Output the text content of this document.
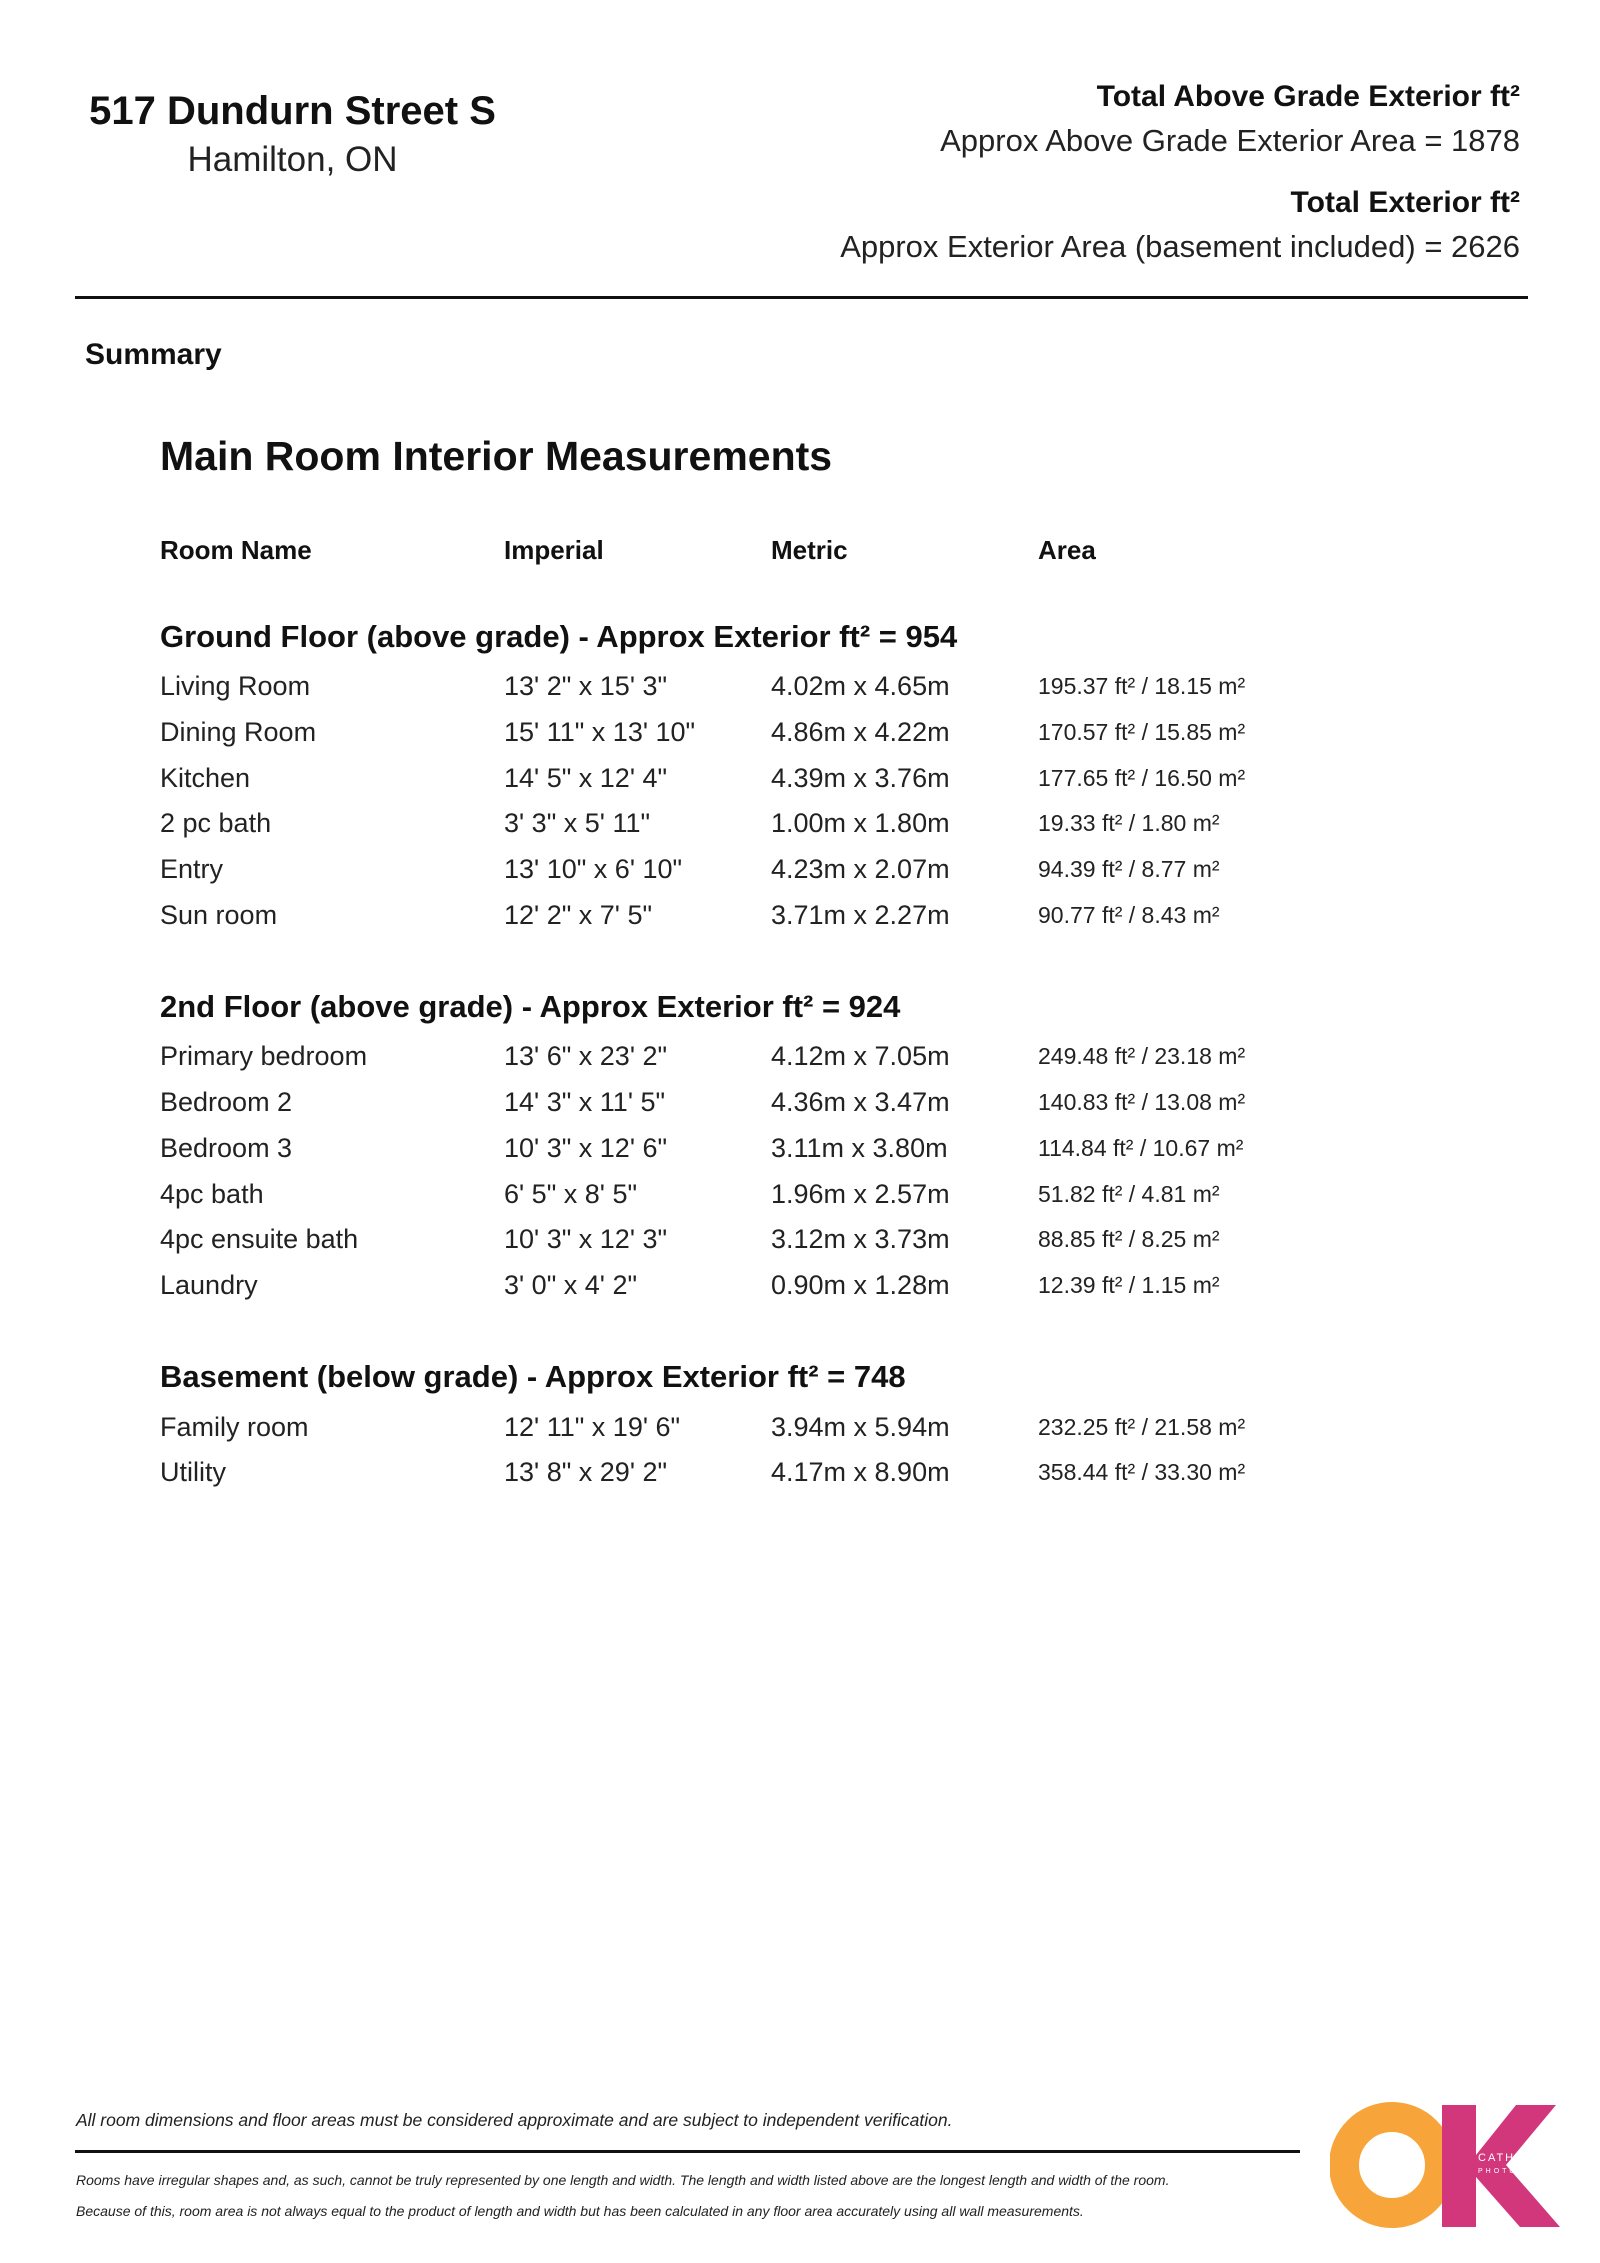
517 Dundurn Street S
Hamilton, ON
Total Above Grade Exterior ft²
Approx Above Grade Exterior Area = 1878
Total Exterior ft²
Approx Exterior Area (basement included) = 2626
Summary
Main Room Interior Measurements
Room Name	Imperial	Metric	Area
Ground Floor (above grade) - Approx Exterior ft² = 954
Living Room	13' 2" x 15' 3"	4.02m x 4.65m	195.37 ft² / 18.15 m²
Dining Room	15' 11" x 13' 10"	4.86m x 4.22m	170.57 ft² / 15.85 m²
Kitchen	14' 5" x 12' 4"	4.39m x 3.76m	177.65 ft² / 16.50 m²
2 pc bath	3' 3" x 5' 11"	1.00m x 1.80m	19.33 ft² / 1.80 m²
Entry	13' 10" x 6' 10"	4.23m x 2.07m	94.39 ft² / 8.77 m²
Sun room	12' 2" x 7' 5"	3.71m x 2.27m	90.77 ft² / 8.43 m²
2nd Floor (above grade) - Approx Exterior ft² = 924
Primary bedroom	13' 6" x 23' 2"	4.12m x 7.05m	249.48 ft² / 23.18 m²
Bedroom 2	14' 3" x 11' 5"	4.36m x 3.47m	140.83 ft² / 13.08 m²
Bedroom 3	10' 3" x 12' 6"	3.11m x 3.80m	114.84 ft² / 10.67 m²
4pc bath	6' 5" x 8' 5"	1.96m x 2.57m	51.82 ft² / 4.81 m²
4pc ensuite bath	10' 3" x 12' 3"	3.12m x 3.73m	88.85 ft² / 8.25 m²
Laundry	3' 0" x 4' 2"	0.90m x 1.28m	12.39 ft² / 1.15 m²
Basement (below grade) - Approx Exterior ft² = 748
Family room	12' 11" x 19' 6"	3.94m x 5.94m	232.25 ft² / 21.58 m²
Utility	13' 8" x 29' 2"	4.17m x 8.90m	358.44 ft² / 33.30 m²
All room dimensions and floor areas must be considered approximate and are subject to independent verification.
Rooms have irregular shapes and, as such, cannot be truly represented by one length and width. The length and width listed above are the longest length and width of the room.
Because of this, room area is not always equal to the product of length and width but has been calculated in any floor area accurately using all wall measurements.
CATHY KOOP
PHOTOGRAPHY
